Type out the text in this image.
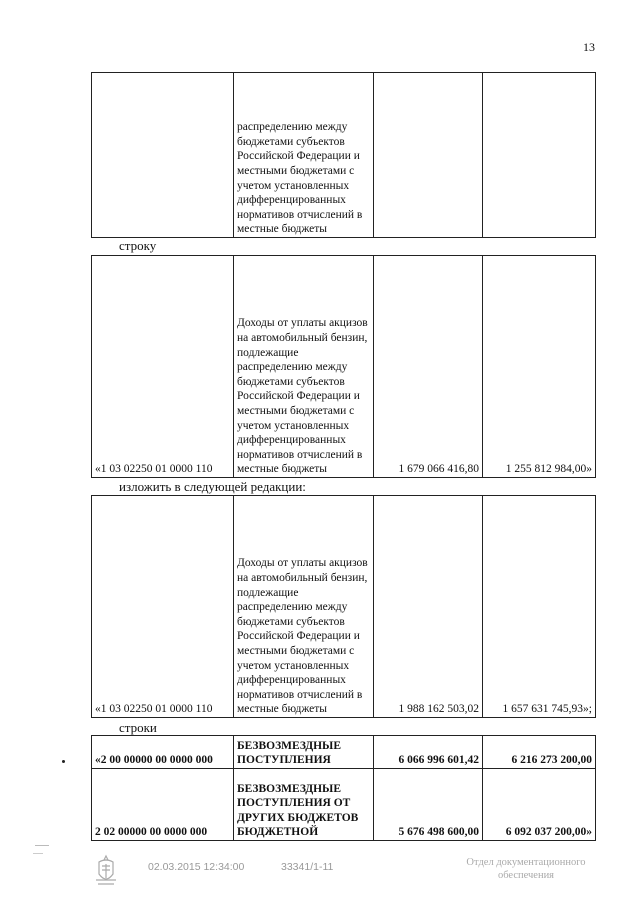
13
	распределению между бюджетами субъектов Российской Федерации и местными бюджетами с учетом установленных дифференцированных нормативов отчислений в местные бюджеты		
строку
«1 03 02250 01 0000 110	Доходы от уплаты акцизов на автомобильный бензин, подлежащие распределению между бюджетами субъектов Российской Федерации и местными бюджетами с учетом установленных дифференцированных нормативов отчислений в местные бюджеты	1 679 066 416,80	1 255 812 984,00»
изложить в следующей редакции:
«1 03 02250 01 0000 110	Доходы от уплаты акцизов на автомобильный бензин, подлежащие распределению между бюджетами субъектов Российской Федерации и местными бюджетами с учетом установленных дифференцированных нормативов отчислений в местные бюджеты	1 988 162 503,02	1 657 631 745,93»;
строки
«2 00 00000 00 0000 000	БЕЗВОЗМЕЗДНЫЕ ПОСТУПЛЕНИЯ	6 066 996 601,42	6 216 273 200,00
2 02 00000 00 0000 000	БЕЗВОЗМЕЗДНЫЕ ПОСТУПЛЕНИЯ ОТ ДРУГИХ БЮДЖЕТОВ БЮДЖЕТНОЙ	5 676 498 600,00	6 092 037 200,00»
02.03.2015 12:34:00	33341/1-11	Отдел документационного
обеспечения
